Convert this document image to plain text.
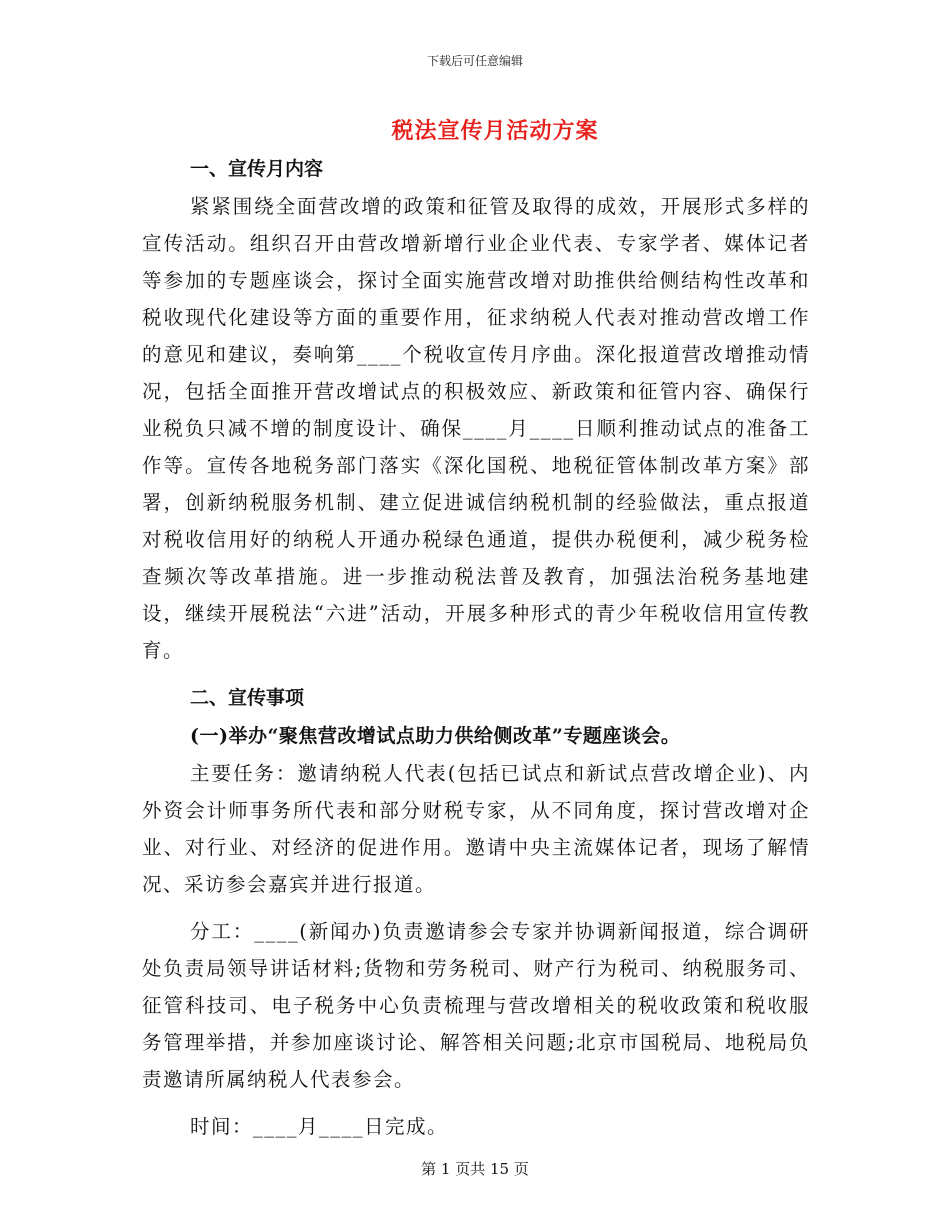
下载后可任意编辑
税法宣传月活动方案

一、宣传月内容

紧紧围绕全面营改增的政策和征管及取得的成效，开展形式多样的宣传活动。组织召开由营改增新增行业企业代表、专家学者、媒体记者等参加的专题座谈会，探讨全面实施营改增对助推供给侧结构性改革和税收现代化建设等方面的重要作用，征求纳税人代表对推动营改增工作的意见和建议，奏响第____个税收宣传月序曲。深化报道营改增推动情况，包括全面推开营改增试点的积极效应、新政策和征管内容、确保行业税负只减不增的制度设计、确保____月____日顺利推动试点的准备工作等。宣传各地税务部门落实《深化国税、地税征管体制改革方案》部署，创新纳税服务机制、建立促进诚信纳税机制的经验做法，重点报道对税收信用好的纳税人开通办税绿色通道，提供办税便利，减少税务检查频次等改革措施。进一步推动税法普及教育，加强法治税务基地建设，继续开展税法“六进”活动，开展多种形式的青少年税收信用宣传教育。

二、宣传事项

(一)举办“聚焦营改增试点助力供给侧改革”专题座谈会。

主要任务：邀请纳税人代表(包括已试点和新试点营改增企业)、内外资会计师事务所代表和部分财税专家，从不同角度，探讨营改增对企业、对行业、对经济的促进作用。邀请中央主流媒体记者，现场了解情况、采访参会嘉宾并进行报道。

分工：____(新闻办)负责邀请参会专家并协调新闻报道，综合调研处负责局领导讲话材料;货物和劳务税司、财产行为税司、纳税服务司、征管科技司、电子税务中心负责梳理与营改增相关的税收政策和税收服务管理举措，并参加座谈讨论、解答相关问题;北京市国税局、地税局负责邀请所属纳税人代表参会。

时间：____月____日完成。

第 1 页共 15 页
